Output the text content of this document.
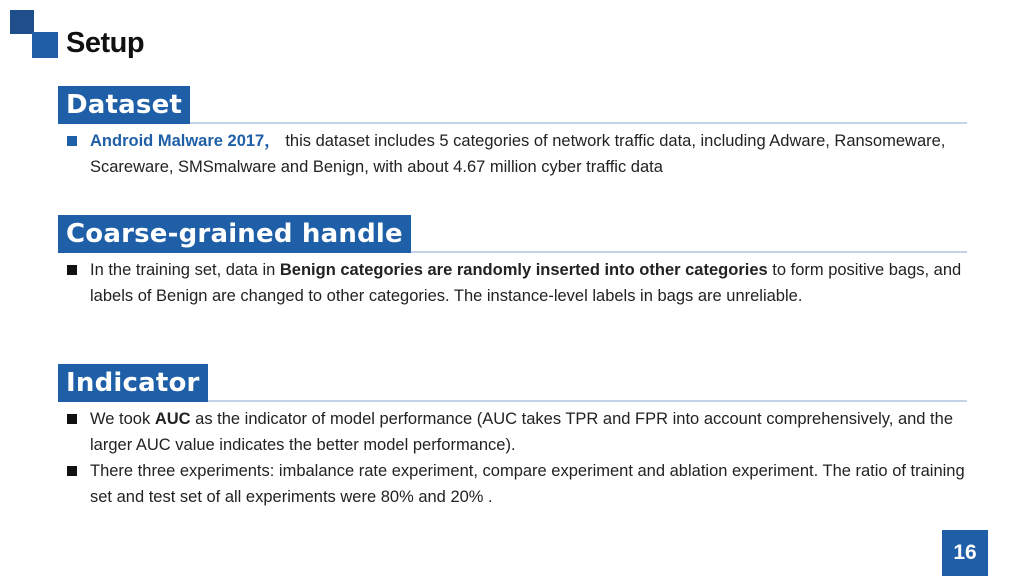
Setup
Dataset
Android Malware 2017， this dataset includes 5 categories of network traffic data, including Adware, Ransomeware, Scareware, SMSmalware and Benign, with about 4.67 million cyber traffic data
Coarse-grained handle
In the training set, data in Benign categories are randomly inserted into other categories to form positive bags, and labels of Benign are changed to other categories. The instance-level labels in bags are unreliable.
Indicator
We took AUC as the indicator of model performance (AUC takes TPR and FPR into account comprehensively, and the larger AUC value indicates the better model performance).
There three experiments: imbalance rate experiment, compare experiment and ablation experiment. The ratio of training set and test set of all experiments were 80% and 20% .
16
